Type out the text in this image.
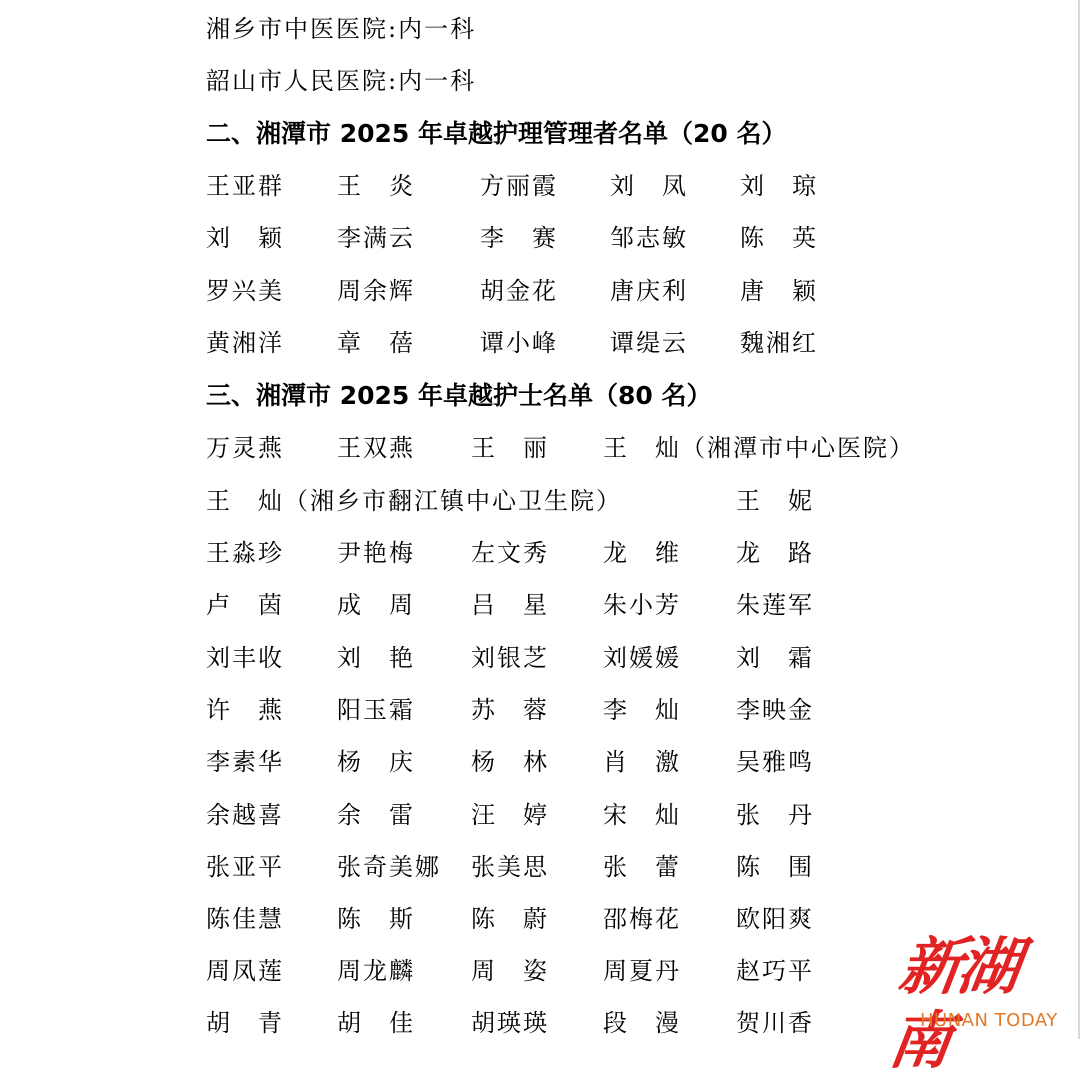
湘乡市中医医院:内一科
韶山市人民医院:内一科
二、湘潭市 2025 年卓越护理管理者名单（20 名）
王亚群 王　炎	方丽霞 刘　凤 刘　琼
刘　颖 李满云	李　赛 邹志敏 陈　英
罗兴美 周余辉	胡金花 唐庆利 唐　颖
黄湘洋 章　蓓	谭小峰 谭缇云 魏湘红
三、湘潭市 2025 年卓越护士名单（80 名）
万灵燕 王双燕 王　丽 王　灿（湘潭市中心医院）
王　灿（湘乡市翻江镇中心卫生院）	王　妮
王淼珍 尹艳梅 左文秀 龙　维 龙　路
卢　茵 成　周 吕　星 朱小芳 朱莲军
刘丰收 刘　艳 刘银芝 刘媛媛 刘　霜
许　燕 阳玉霜 苏　蓉 李　灿 李映金
李素华 杨　庆 杨　林 肖　激 吴雅鸣
余越喜 余　雷 汪　婷 宋　灿 张　丹
张亚平 张奇美娜 张美思 张　蕾 陈　围
陈佳慧 陈　斯 陈　蔚 邵梅花 欧阳爽
周凤莲 周龙麟 周　姿 周夏丹 赵巧平
胡　青 胡　佳 胡瑛瑛 段　漫 贺川香
新湖南
HUNAN TODAY
